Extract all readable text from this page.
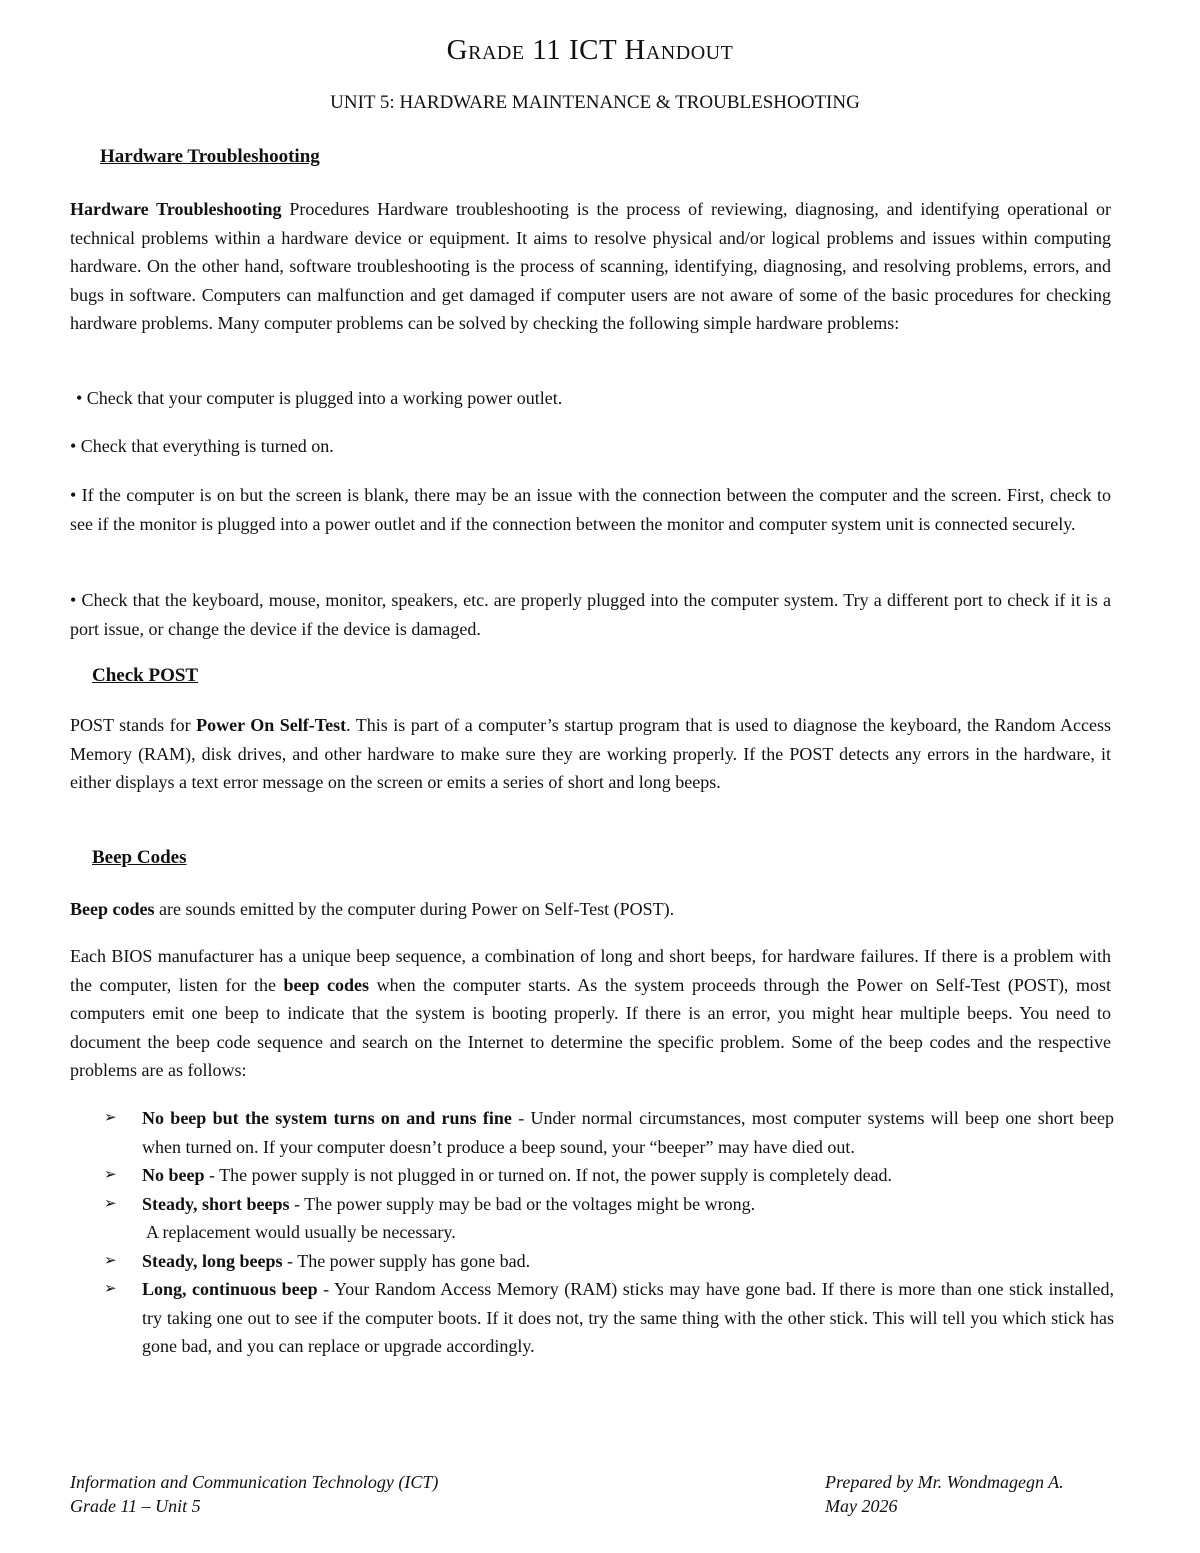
Grade 11 ICT Handout
UNIT 5: HARDWARE MAINTENANCE & TROUBLESHOOTING
Hardware Troubleshooting
Hardware Troubleshooting Procedures Hardware troubleshooting is the process of reviewing, diagnosing, and identifying operational or technical problems within a hardware device or equipment. It aims to resolve physical and/or logical problems and issues within computing hardware. On the other hand, software troubleshooting is the process of scanning, identifying, diagnosing, and resolving problems, errors, and bugs in software. Computers can malfunction and get damaged if computer users are not aware of some of the basic procedures for checking hardware problems. Many computer problems can be solved by checking the following simple hardware problems:
• Check that your computer is plugged into a working power outlet.
• Check that everything is turned on.
• If the computer is on but the screen is blank, there may be an issue with the connection between the computer and the screen. First, check to see if the monitor is plugged into a power outlet and if the connection between the monitor and computer system unit is connected securely.
• Check that the keyboard, mouse, monitor, speakers, etc. are properly plugged into the computer system. Try a different port to check if it is a port issue, or change the device if the device is damaged.
Check POST
POST stands for Power On Self-Test. This is part of a computer’s startup program that is used to diagnose the keyboard, the Random Access Memory (RAM), disk drives, and other hardware to make sure they are working properly. If the POST detects any errors in the hardware, it either displays a text error message on the screen or emits a series of short and long beeps.
Beep Codes
Beep codes are sounds emitted by the computer during Power on Self-Test (POST).
Each BIOS manufacturer has a unique beep sequence, a combination of long and short beeps, for hardware failures. If there is a problem with the computer, listen for the beep codes when the computer starts. As the system proceeds through the Power on Self-Test (POST), most computers emit one beep to indicate that the system is booting properly. If there is an error, you might hear multiple beeps. You need to document the beep code sequence and search on the Internet to determine the specific problem. Some of the beep codes and the respective problems are as follows:
➢ No beep but the system turns on and runs fine - Under normal circumstances, most computer systems will beep one short beep when turned on. If your computer doesn’t produce a beep sound, your “beeper” may have died out.
➢ No beep - The power supply is not plugged in or turned on. If not, the power supply is completely dead.
➢ Steady, short beeps - The power supply may be bad or the voltages might be wrong.
A replacement would usually be necessary.
➢ Steady, long beeps - The power supply has gone bad.
➢ Long, continuous beep - Your Random Access Memory (RAM) sticks may have gone bad. If there is more than one stick installed, try taking one out to see if the computer boots. If it does not, try the same thing with the other stick. This will tell you which stick has gone bad, and you can replace or upgrade accordingly.
Information and Communication Technology (ICT)
Grade 11 – Unit 5
Prepared by Mr. Wondmagegn A.
May 2026
